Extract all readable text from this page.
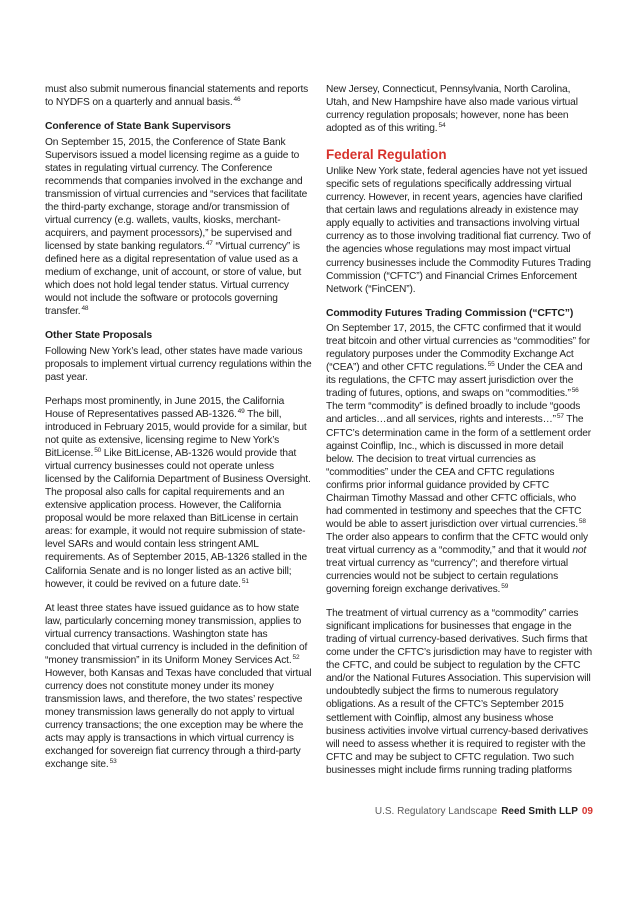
must also submit numerous financial statements and reports to NYDFS on a quarterly and annual basis.$^{46}$

Conference of State Bank Supervisors

On September 15, 2015, the Conference of State Bank Supervisors issued a model licensing regime as a guide to states in regulating virtual currency. The Conference recommends that companies involved in the exchange and transmission of virtual currencies and “services that facilitate the third-party exchange, storage and/or transmission of virtual currency (e.g. wallets, vaults, kiosks, merchant-acquirers, and payment processors),” be supervised and licensed by state banking regulators.$^{47}$ “Virtual currency” is defined here as a digital representation of value used as a medium of exchange, unit of account, or store of value, but which does not hold legal tender status. Virtual currency would not include the software or protocols governing transfer.$^{48}$

Other State Proposals

Following New York’s lead, other states have made various proposals to implement virtual currency regulations within the past year.

Perhaps most prominently, in June 2015, the California House of Representatives passed AB-1326.49 The bill, introduced in February 2015, would provide for a similar, but not quite as extensive, licensing regime to New York’s BitLicense.$^{50}$ Like BitLicense, AB-1326 would provide that virtual currency businesses could not operate unless licensed by the California Department of Business Oversight. The proposal also calls for capital requirements and an extensive application process. However, the California proposal would be more relaxed than BitLicense in certain areas: for example, it would not require submission of state-level SARs and would contain less stringent AML requirements. As of September 2015, AB-1326 stalled in the California Senate and is no longer listed as an active bill; however, it could be revived on a future date.$^{51}$

At least three states have issued guidance as to how state law, particularly concerning money transmission, applies to virtual currency transactions. Washington state has concluded that virtual currency is included in the definition of “money transmission” in its Uniform Money Services Act.$^{52}$ However, both Kansas and Texas have concluded that virtual currency does not constitute money under its money transmission laws, and therefore, the two states’ respective money transmission laws generally do not apply to virtual currency transactions; the one exception may be where the acts may apply is transactions in which virtual currency is exchanged for sovereign fiat currency through a third-party exchange site.$^{53}$

New Jersey, Connecticut, Pennsylvania, North Carolina, Utah, and New Hampshire have also made various virtual currency regulation proposals; however, none has been adopted as of this writing.$^{54}$

Federal Regulation

Unlike New York state, federal agencies have not yet issued specific sets of regulations specifically addressing virtual currency. However, in recent years, agencies have clarified that certain laws and regulations already in existence may apply equally to activities and transactions involving virtual currency as to those involving traditional fiat currency. Two of the agencies whose regulations may most impact virtual currency businesses include the Commodity Futures Trading Commission (“CFTC”) and Financial Crimes Enforcement Network (“FinCEN”).

Commodity Futures Trading Commission (“CFTC”)

On September 17, 2015, the CFTC confirmed that it would treat bitcoin and other virtual currencies as “commodities” for regulatory purposes under the Commodity Exchange Act (“CEA”) and other CFTC regulations.$^{55}$ Under the CEA and its regulations, the CFTC may assert jurisdiction over the trading of futures, options, and swaps on “commodities.”$^{56}$ The term “commodity” is defined broadly to include “goods and articles…and all services, rights and interests…”$^{57}$ The CFTC’s determination came in the form of a settlement order against Coinflip, Inc., which is discussed in more detail below. The decision to treat virtual currencies as “commodities” under the CEA and CFTC regulations confirms prior informal guidance provided by CFTC Chairman Timothy Massad and other CFTC officials, who had commented in testimony and speeches that the CFTC would be able to assert jurisdiction over virtual currencies.$^{58}$ The order also appears to confirm that the CFTC would only treat virtual currency as a “commodity,” and that it would not treat virtual currency as “currency”; and therefore virtual currencies would not be subject to certain regulations governing foreign exchange derivatives.$^{59}$

The treatment of virtual currency as a “commodity” carries significant implications for businesses that engage in the trading of virtual currency-based derivatives. Such firms that come under the CFTC’s jurisdiction may have to register with the CFTC, and could be subject to regulation by the CFTC and/or the National Futures Association. This supervision will undoubtedly subject the firms to numerous regulatory obligations. As a result of the CFTC’s September 2015 settlement with Coinflip, almost any business whose business activities involve virtual currency-based derivatives will need to assess whether it is required to register with the CFTC and may be subject to CFTC regulation. Two such businesses might include firms running trading platforms

U.S. Regulatory Landscape Reed Smith LLP 09
